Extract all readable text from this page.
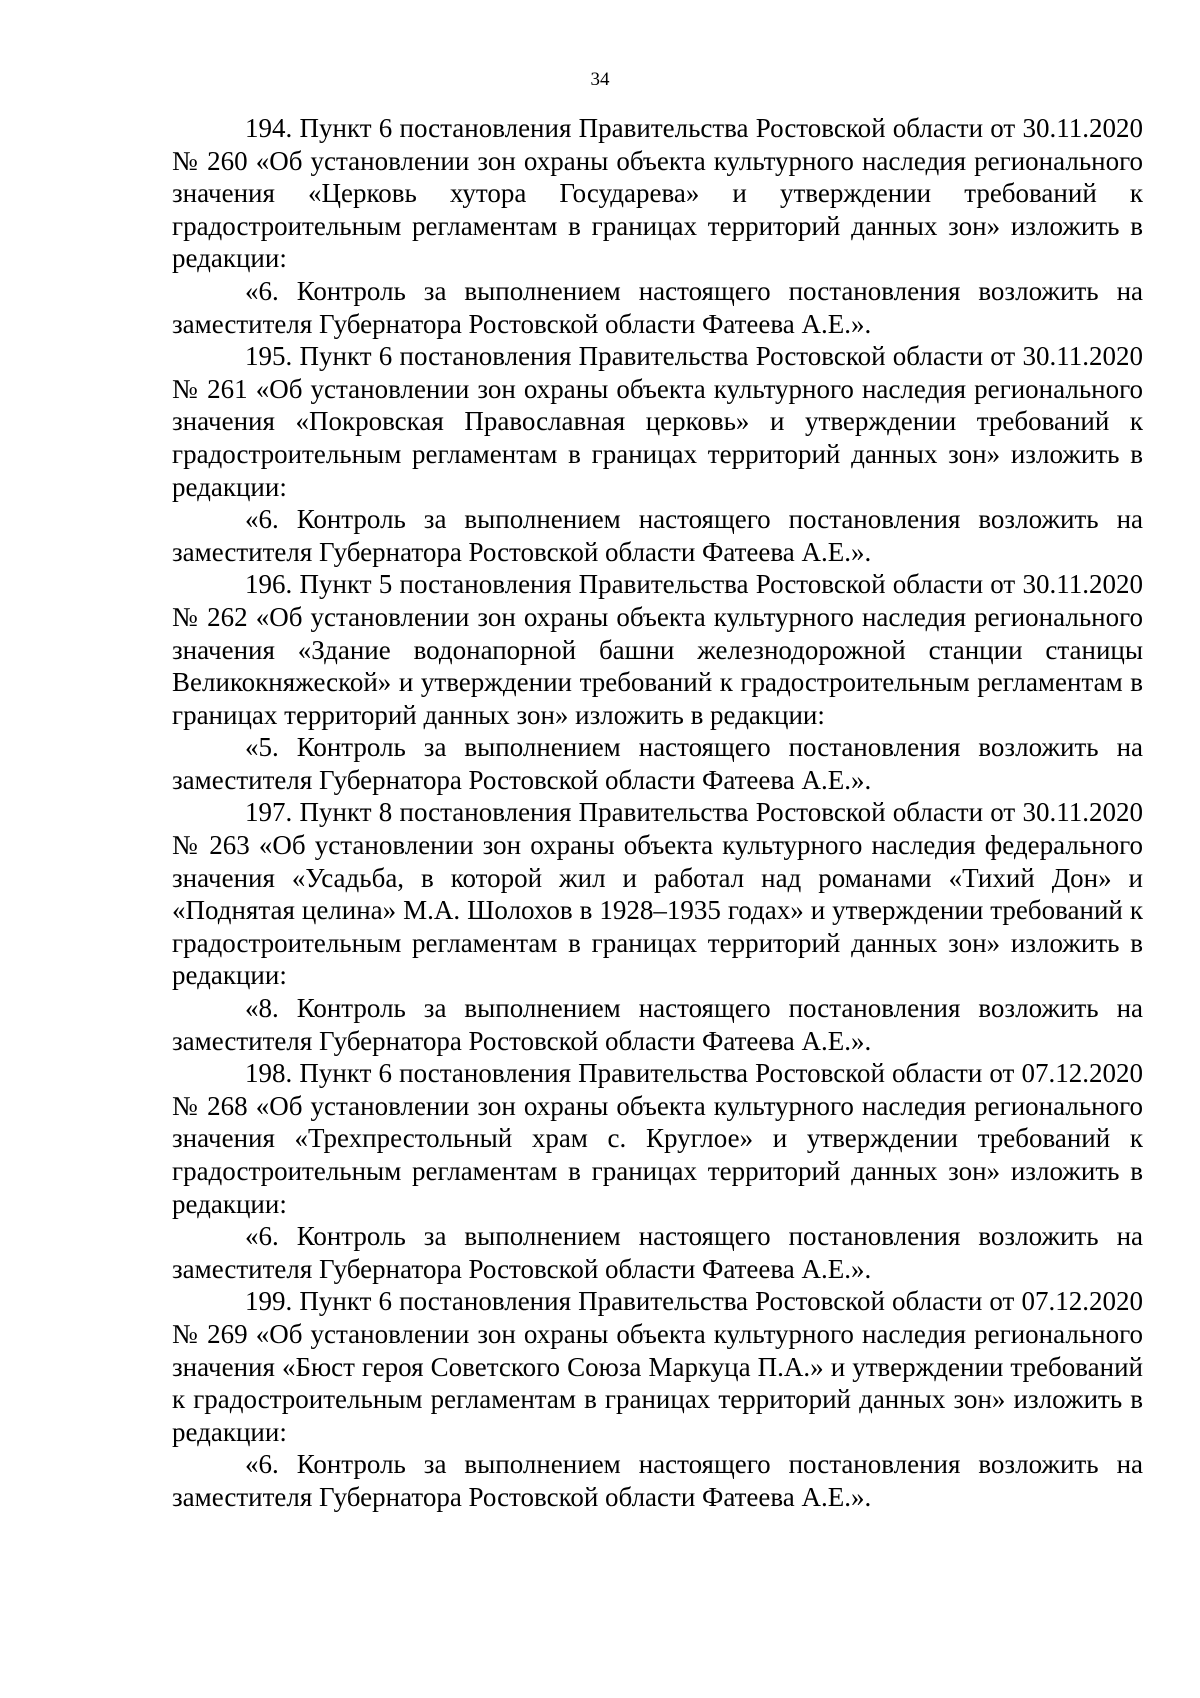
34

194. Пункт 6 постановления Правительства Ростовской области от 30.11.2020 № 260 «Об установлении зон охраны объекта культурного наследия регионального значения «Церковь хутора Государева» и утверждении требований к градостроительным регламентам в границах территорий данных зон» изложить в редакции:

«6. Контроль за выполнением настоящего постановления возложить на заместителя Губернатора Ростовской области Фатеева А.Е.».

195. Пункт 6 постановления Правительства Ростовской области от 30.11.2020 № 261 «Об установлении зон охраны объекта культурного наследия регионального значения «Покровская Православная церковь» и утверждении требований к градостроительным регламентам в границах территорий данных зон» изложить в редакции:

«6. Контроль за выполнением настоящего постановления возложить на заместителя Губернатора Ростовской области Фатеева А.Е.».

196. Пункт 5 постановления Правительства Ростовской области от 30.11.2020 № 262 «Об установлении зон охраны объекта культурного наследия регионального значения «Здание водонапорной башни железнодорожной станции станицы Великокняжеской» и утверждении требований к градостроительным регламентам в границах территорий данных зон» изложить в редакции:

«5. Контроль за выполнением настоящего постановления возложить на заместителя Губернатора Ростовской области Фатеева А.Е.».

197. Пункт 8 постановления Правительства Ростовской области от 30.11.2020 № 263 «Об установлении зон охраны объекта культурного наследия федерального значения «Усадьба, в которой жил и работал над романами «Тихий Дон» и «Поднятая целина» М.А. Шолохов в 1928–1935 годах» и утверждении требований к градостроительным регламентам в границах территорий данных зон» изложить в редакции:

«8. Контроль за выполнением настоящего постановления возложить на заместителя Губернатора Ростовской области Фатеева А.Е.».

198. Пункт 6 постановления Правительства Ростовской области от 07.12.2020 № 268 «Об установлении зон охраны объекта культурного наследия регионального значения «Трехпрестольный храм с. Круглое» и утверждении требований к градостроительным регламентам в границах территорий данных зон» изложить в редакции:

«6. Контроль за выполнением настоящего постановления возложить на заместителя Губернатора Ростовской области Фатеева А.Е.».

199. Пункт 6 постановления Правительства Ростовской области от 07.12.2020 № 269 «Об установлении зон охраны объекта культурного наследия регионального значения «Бюст героя Советского Союза Маркуца П.А.» и утверждении требований к градостроительным регламентам в границах территорий данных зон» изложить в редакции:

«6. Контроль за выполнением настоящего постановления возложить на заместителя Губернатора Ростовской области Фатеева А.Е.».
